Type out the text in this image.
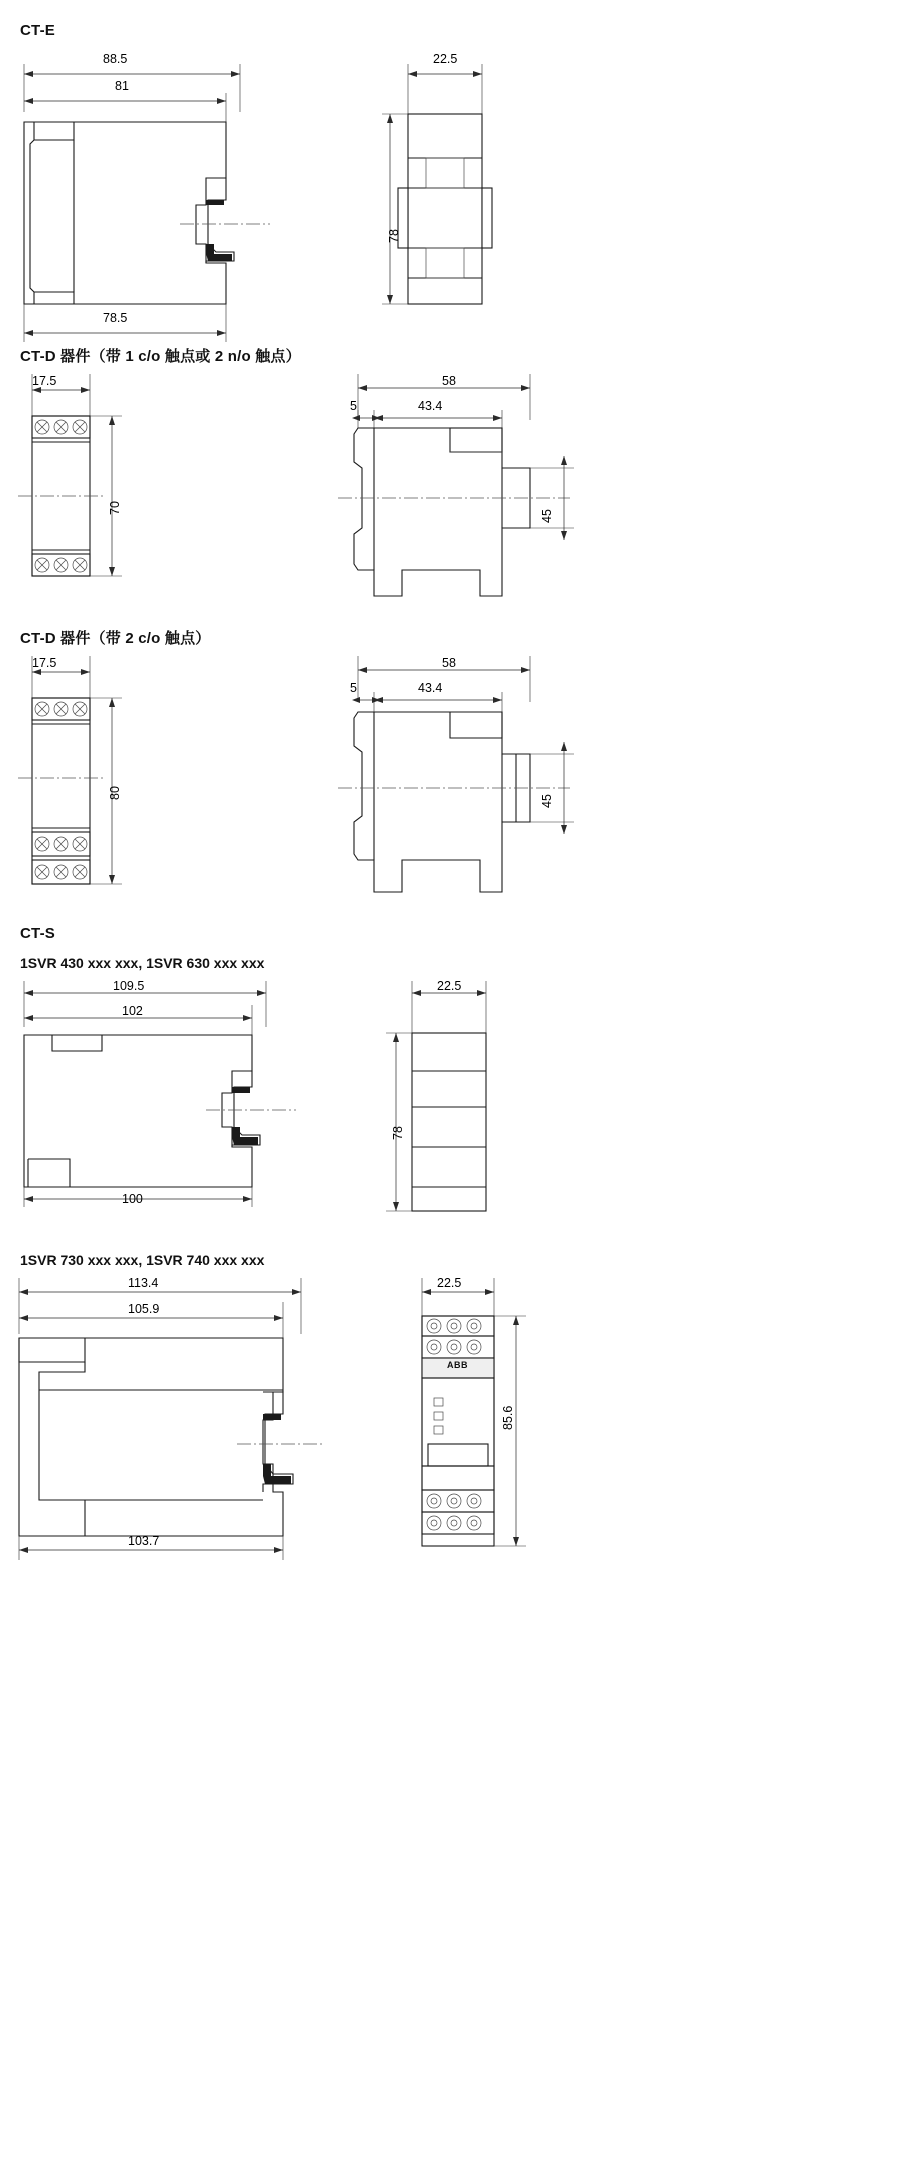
CT-E
88.5
81
78.5
22.5
78
CT-D 器件（带 1 c/o 触点或 2 n/o 触点）
17.5
70
58
5	43.4
45
CT-D 器件（带 2 c/o 触点）
17.5
80
58
5	43.4
45
CT-S
1SVR 430 xxx xxx, 1SVR 630 xxx xxx
109.5
102
100
22.5
78
1SVR 730 xxx xxx, 1SVR 740 xxx xxx
113.4
105.9
103.7
22.5
85.6
ABB
